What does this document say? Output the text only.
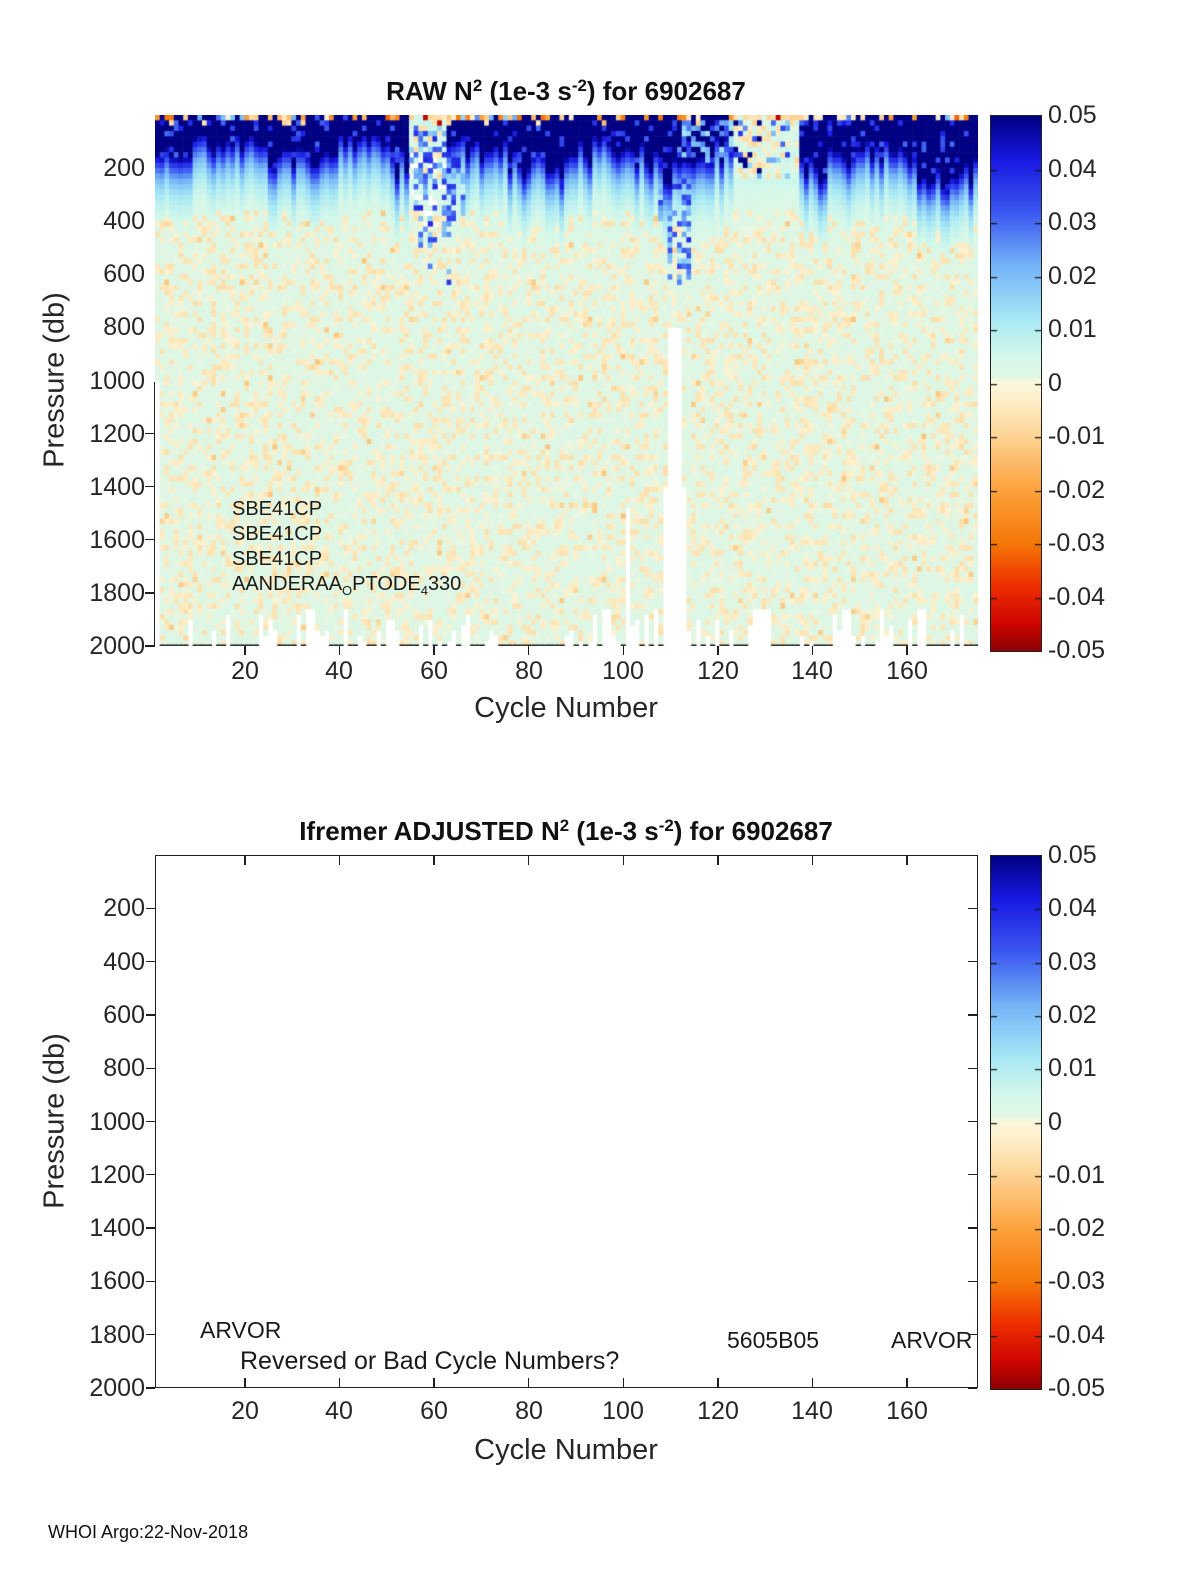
RAW $N^2$ (1e-3 $s^{-2}$) for 6902687
Pressure (db)
Cycle Number
Ifremer ADJUSTED $N^2$ (1e-3 $s^{-2}$) for 6902687
Pressure (db)
Cycle Number
WHOI Argo:22-Nov-2018
20	40	60	80	100	120	140	160
200
400
600
800
1000
1200
1400
1600
1800
2000
SBE41CP
SBE41CP
SBE41CP
$AANDERAA_OPTODE_4330$
0.05
0.04
0.03
0.02
0.01
0
-0.01
-0.02
-0.03
-0.04
-0.05
20	40	60	80	100	120	140	160
200
400
600
800
1000
1200
1400
1600
1800
2000
ARVOR
Reversed or Bad Cycle Numbers?
5605B05	ARVOR
0.05
0.04
0.03
0.02
0.01
0
-0.01
-0.02
-0.03
-0.04
-0.05
